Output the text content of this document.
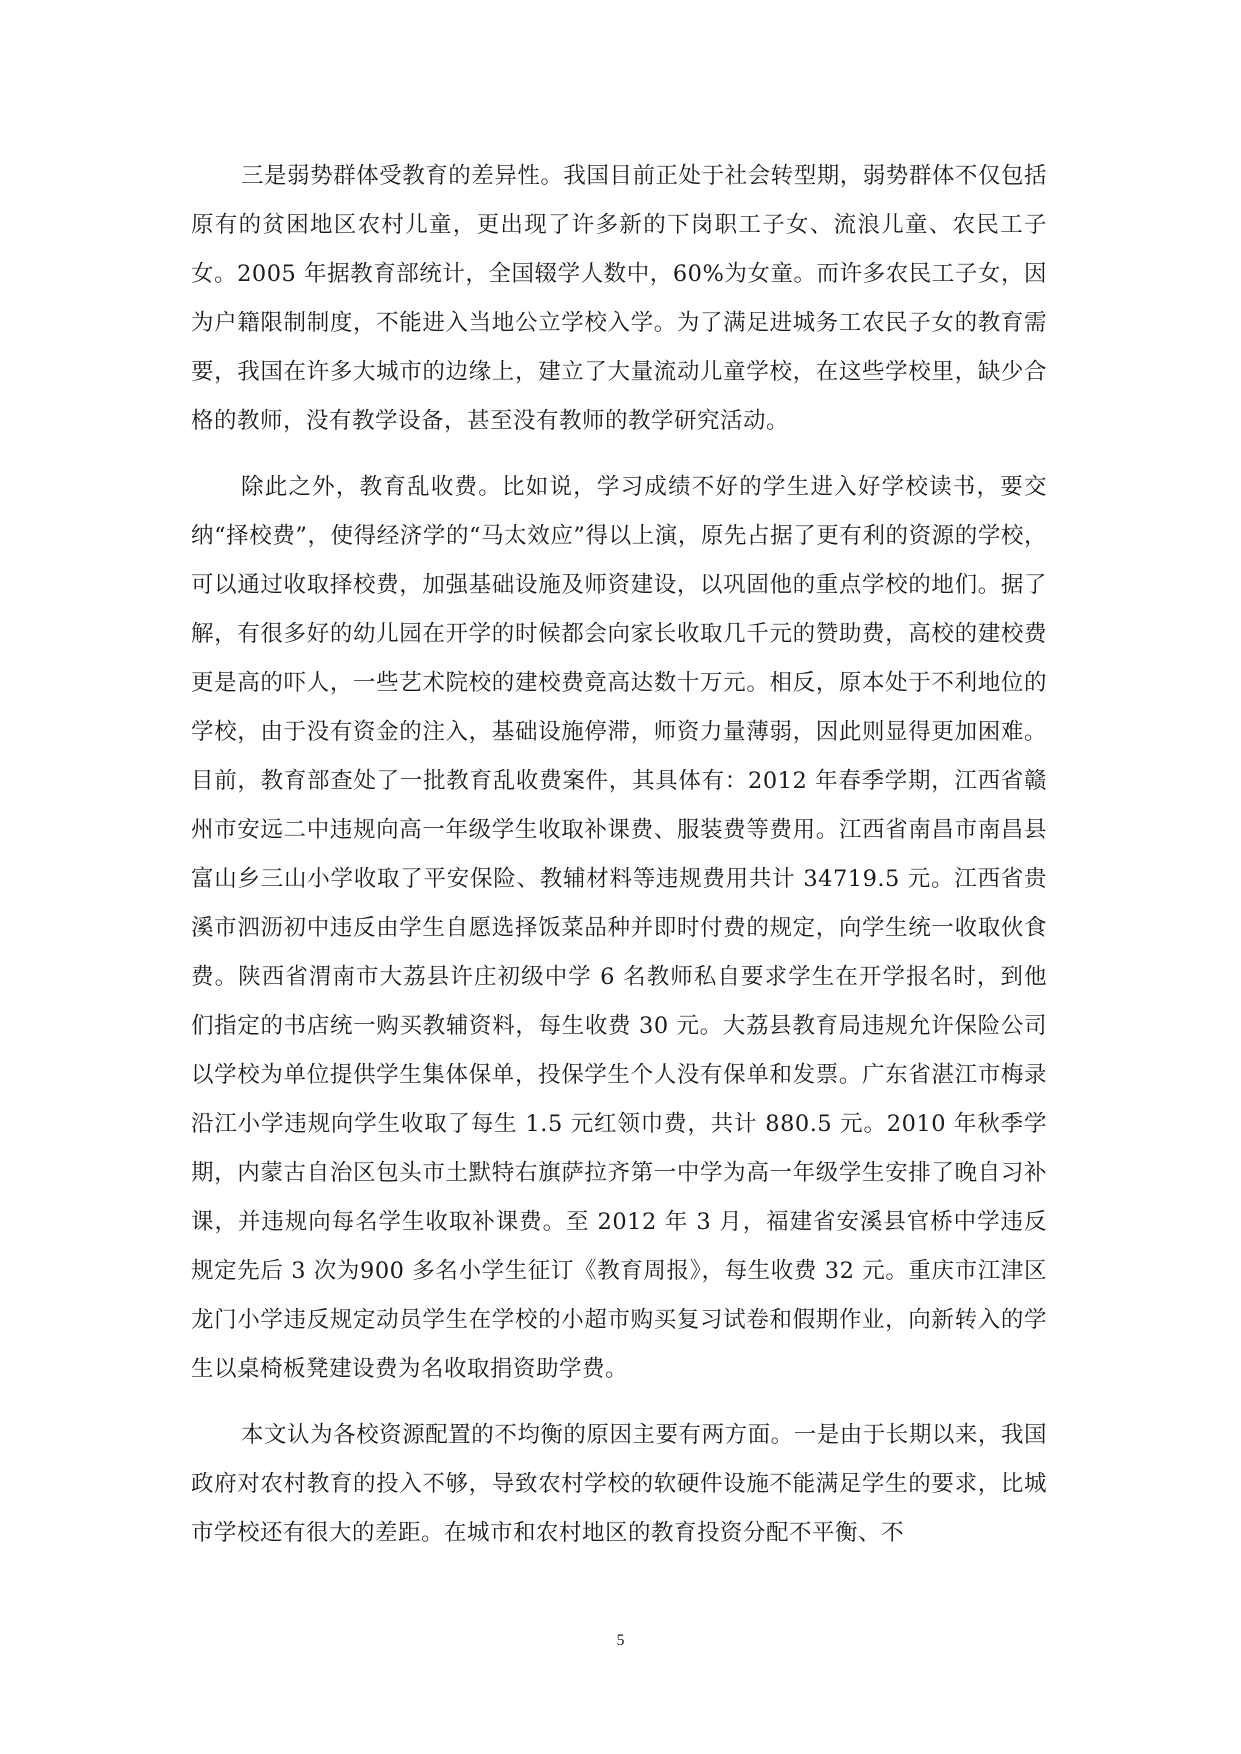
三是弱势群体受教育的差异性。我国目前正处于社会转型期，弱势群体不仅包括原有的贫困地区农村儿童，更出现了许多新的下岗职工子女、流浪儿童、农民工子女。2005 年据教育部统计，全国辍学人数中，60%为女童。而许多农民工子女，因为户籍限制制度，不能进入当地公立学校入学。为了满足进城务工农民子女的教育需要，我国在许多大城市的边缘上，建立了大量流动儿童学校，在这些学校里，缺少合格的教师，没有教学设备，甚至没有教师的教学研究活动。

除此之外，教育乱收费。比如说，学习成绩不好的学生进入好学校读书，要交纳“择校费”，使得经济学的“马太效应”得以上演，原先占据了更有利的资源的学校，可以通过收取择校费，加强基础设施及师资建设，以巩固他的重点学校的地们。据了解，有很多好的幼儿园在开学的时候都会向家长收取几千元的赞助费，高校的建校费更是高的吓人，一些艺术院校的建校费竟高达数十万元。相反，原本处于不利地位的学校，由于没有资金的注入，基础设施停滞，师资力量薄弱，因此则显得更加困难。目前，教育部查处了一批教育乱收费案件，其具体有：2012 年春季学期，江西省赣州市安远二中违规向高一年级学生收取补课费、服装费等费用。江西省南昌市南昌县富山乡三山小学收取了平安保险、教辅材料等违规费用共计 34719.5 元。江西省贵溪市泗沥初中违反由学生自愿选择饭菜品种并即时付费的规定，向学生统一收取伙食费。陕西省渭南市大荔县许庄初级中学 6 名教师私自要求学生在开学报名时，到他们指定的书店统一购买教辅资料，每生收费 30 元。大荔县教育局违规允许保险公司以学校为单位提供学生集体保单，投保学生个人没有保单和发票。广东省湛江市梅录沿江小学违规向学生收取了每生 1.5 元红领巾费，共计 880.5 元。2010 年秋季学期，内蒙古自治区包头市土默特右旗萨拉齐第一中学为高一年级学生安排了晚自习补课，并违规向每名学生收取补课费。至 2012 年 3 月，福建省安溪县官桥中学违反规定先后 3 次为900 多名小学生征订《教育周报》，每生收费 32 元。重庆市江津区龙门小学违反规定动员学生在学校的小超市购买复习试卷和假期作业，向新转入的学生以桌椅板凳建设费为名收取捐资助学费。

本文认为各校资源配置的不均衡的原因主要有两方面。一是由于长期以来，我国政府对农村教育的投入不够，导致农村学校的软硬件设施不能满足学生的要求，比城市学校还有很大的差距。在城市和农村地区的教育投资分配不平衡、不

5
